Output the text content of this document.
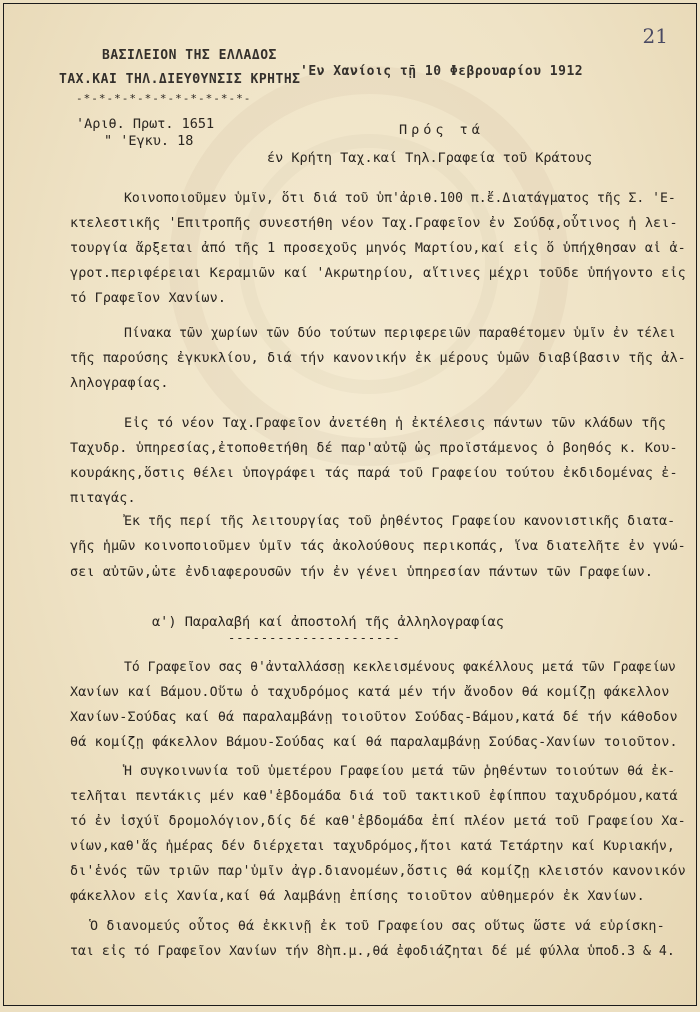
21
ΒΑΣΙΛΕΙΟΝ ΤΗΣ ΕΛΛΑΔΟΣ
ΤΑΧ.ΚΑΙ ΤΗΛ.ΔΙΕΥΘΥΝΣΙΣ ΚΡΗΤΗΣ
-*-*-*-*-*-*-*-*-*-*-*-
'Εν Χανίοις τῇ 10 Φεβρουαρίου 1912
'Αριθ. Πρωτ. 1651
" 'Εγκυ. 18
Πρός τά
έν Κρήτη Ταχ.καί Τηλ.Γραφεία τοῦ Κράτους
Κοινοποιοῦμεν ὑμῖν, ὅτι διά τοῦ ὑπ'ἀριθ.100 π.ἔ.Διατάγματος τῆς Σ. 'Ε-
κτελεστικῆς 'Επιτροπῆς συνεστήθη νέον Ταχ.Γραφεῖον ἐν Σούδᾳ,οὗτινος ἡ λει-
τουργία ἄρξεται ἀπό τῆς 1 προσεχοῦς μηνός Μαρτίου,καί εἰς ὅ ὑπήχθησαν αἱ ἀ-
γροτ.περιφέρειαι Κεραμιῶν καί 'Ακρωτηρίου, αἵτινες μέχρι τοῦδε ὑπήγοντο εἰς
τό Γραφεῖον Χανίων.
Πίνακα τῶν χωρίων τῶν δύο τούτων περιφερειῶν παραθέτομεν ὑμῖν ἐν τέλει
τῆς παρούσης ἐγκυκλίου, διά τήν κανονικήν ἐκ μέρους ὑμῶν διαβίβασιν τῆς ἀλ-
ληλογραφίας.
Εἰς τό νέον Ταχ.Γραφεῖον ἀνετέθη ἡ ἐκτέλεσις πάντων τῶν κλάδων τῆς
Ταχυδρ. ὑπηρεσίας,ἐτοποθετήθη δέ παρ'αὐτῷ ὡς προϊστάμενος ὁ βοηθός κ. Κου-
κουράκης,ὅστις θέλει ὑπογράφει τάς παρά τοῦ Γραφείου τούτου ἐκδιδομένας ἐ-
πιταγάς.
Ἐκ τῆς περί τῆς λειτουργίας τοῦ ῥηθέντος Γραφείου κανονιστικῆς διατα-
γῆς ἡμῶν κοινοποιοῦμεν ὑμῖν τάς ἀκολούθους περικοπάς, ἵνα διατελῆτε ἐν γνώ-
σει αὐτῶν,ὡτε ἐνδιαφερουσῶν τήν ἐν γένει ὑπηρεσίαν πάντων τῶν Γραφείων.
α') Παραλαβή καί ἀποστολή τῆς ἀλληλογραφίας
---------------------
Τό Γραφεῖον σας θ'ἀνταλλάσσῃ κεκλεισμένους φακέλλους μετά τῶν Γραφείων
Χανίων καί Βάμου.Οὕτω ὁ ταχυδρόμος κατά μέν τήν ἄνοδον θά κομίζῃ φάκελλον
Χανίων-Σούδας καί θά παραλαμβάνῃ τοιοῦτον Σούδας-Βάμου,κατά δέ τήν κάθοδον
θά κομίζῃ φάκελλον Βάμου-Σούδας καί θά παραλαμβάνῃ Σούδας-Χανίων τοιοῦτον.
Ἡ συγκοινωνία τοῦ ὑμετέρου Γραφείου μετά τῶν ῥηθέντων τοιούτων θά ἐκ-
τελῆται πεντάκις μέν καθ'ἑβδομάδα διά τοῦ τακτικοῦ ἐφίππου ταχυδρόμου,κατά
τό ἐν ἰσχύϊ δρομολόγιον,δίς δέ καθ'ἑβδομάδα ἐπί πλέον μετά τοῦ Γραφείου Χα-
νίων,καθ'ἅς ἡμέρας δέν διέρχεται ταχυδρόμος,ἤτοι κατά Τετάρτην καί Κυριακήν,
δι'ἑνός τῶν τριῶν παρ'ὑμῖν ἀγρ.διανομέων,ὅστις θά κομίζῃ κλειστόν κανονικόν
φάκελλον εἰς Χανία,καί θά λαμβάνῃ ἐπίσης τοιοῦτον αὐθημερόν ἐκ Χανίων.
Ὁ διανομεύς οὗτος θά ἐκκινῇ ἐκ τοῦ Γραφείου σας οὕτως ὥστε νά εὑρίσκη-
ται εἰς τό Γραφεῖον Χανίων τήν 8ὴπ.μ.,θά ἐφοδιάζηται δέ μέ φύλλα ὑποδ.3 & 4.
